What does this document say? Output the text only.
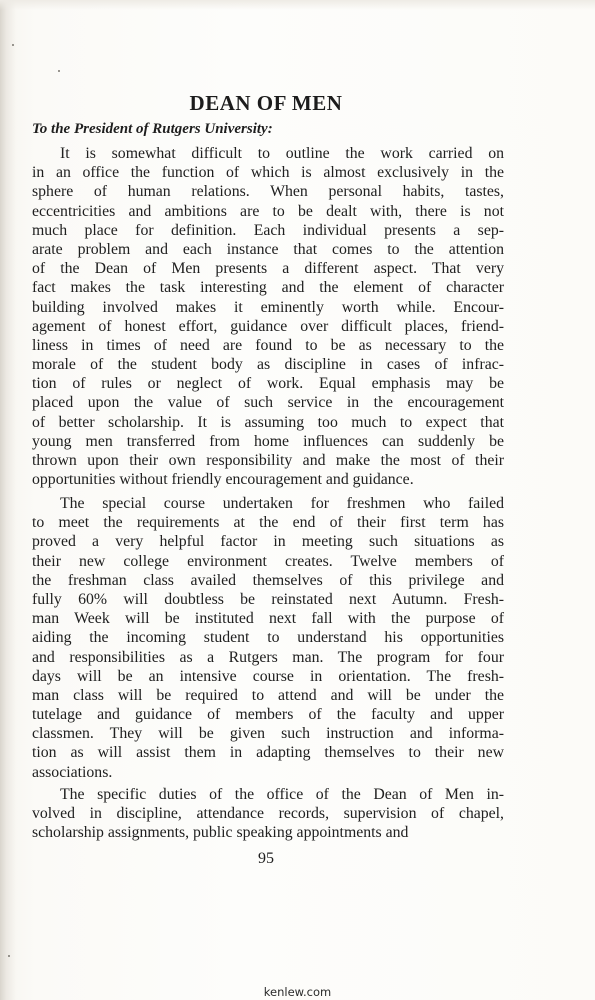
DEAN OF MEN

To the President of Rutgers University:

It is somewhat difficult to outline the work carried on
in an office the function of which is almost exclusively in the
sphere of human relations. When personal habits, tastes,
eccentricities and ambitions are to be dealt with, there is not
much place for definition. Each individual presents a sep-
arate problem and each instance that comes to the attention
of the Dean of Men presents a different aspect. That very
fact makes the task interesting and the element of character
building involved makes it eminently worth while. Encour-
agement of honest effort, guidance over difficult places, friend-
liness in times of need are found to be as necessary to the
morale of the student body as discipline in cases of infrac-
tion of rules or neglect of work. Equal emphasis may be
placed upon the value of such service in the encouragement
of better scholarship. It is assuming too much to expect that
young men transferred from home influences can suddenly be
thrown upon their own responsibility and make the most of their
opportunities without friendly encouragement and guidance.
The special course undertaken for freshmen who failed
to meet the requirements at the end of their first term has
proved a very helpful factor in meeting such situations as
their new college environment creates. Twelve members of
the freshman class availed themselves of this privilege and
fully 60% will doubtless be reinstated next Autumn. Fresh-
man Week will be instituted next fall with the purpose of
aiding the incoming student to understand his opportunities
and responsibilities as a Rutgers man. The program for four
days will be an intensive course in orientation. The fresh-
man class will be required to attend and will be under the
tutelage and guidance of members of the faculty and upper
classmen. They will be given such instruction and informa-
tion as will assist them in adapting themselves to their new
associations.
The specific duties of the office of the Dean of Men in-
volved in discipline, attendance records, supervision of chapel,
scholarship assignments, public speaking appointments and

95

kenlew.com
